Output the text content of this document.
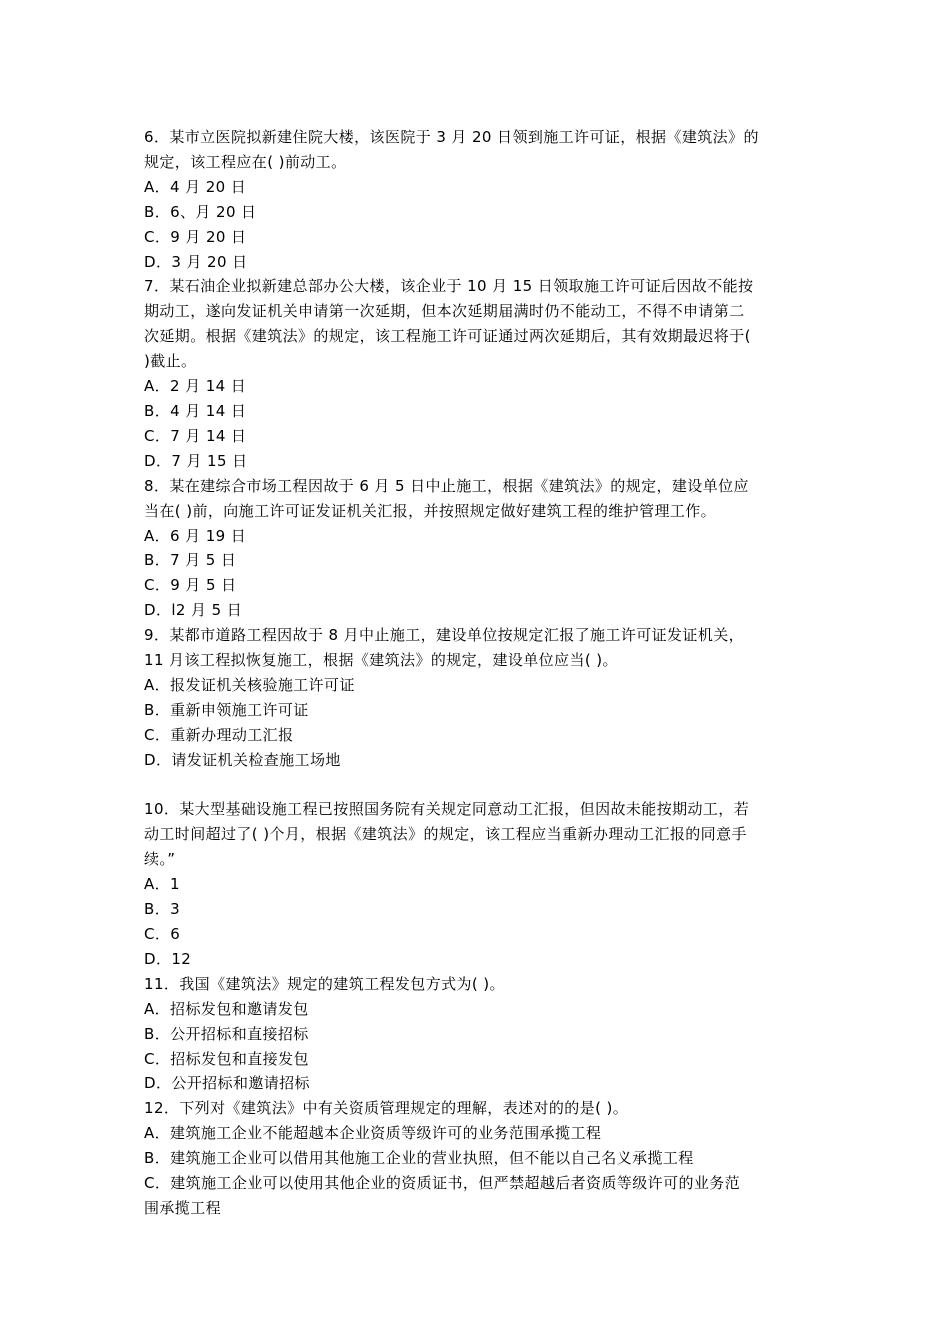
6．某市立医院拟新建住院大楼，该医院于 3 月 20 日领到施工许可证，根据《建筑法》的
规定，该工程应在( )前动工。
A．4 月 20 日
B．6、月 20 日
C．9 月 20 日
D．3 月 20 日
7．某石油企业拟新建总部办公大楼，该企业于 10 月 15 日领取施工许可证后因故不能按
期动工，遂向发证机关申请第一次延期，但本次延期届满时仍不能动工，不得不申请第二
次延期。根据《建筑法》的规定，该工程施工许可证通过两次延期后，其有效期最迟将于(
)截止。
A．2 月 14 日
B．4 月 14 日
C．7 月 14 日
D．7 月 15 日
8．某在建综合市场工程因故于 6 月 5 日中止施工，根据《建筑法》的规定，建设单位应
当在( )前，向施工许可证发证机关汇报，并按照规定做好建筑工程的维护管理工作。
A．6 月 19 日
B．7 月 5 日
C．9 月 5 日
D．l2 月 5 日
9．某都市道路工程因故于 8 月中止施工，建设单位按规定汇报了施工许可证发证机关，
11 月该工程拟恢复施工，根据《建筑法》的规定，建设单位应当( )。
A．报发证机关核验施工许可证
B．重新申领施工许可证
C．重新办理动工汇报
D．请发证机关检查施工场地
10．某大型基础设施工程已按照国务院有关规定同意动工汇报，但因故未能按期动工，若
动工时间超过了( )个月，根据《建筑法》的规定，该工程应当重新办理动工汇报的同意手
续。”
A．1
B．3
C．6
D．12
11．我国《建筑法》规定的建筑工程发包方式为( )。
A．招标发包和邀请发包
B．公开招标和直接招标
C．招标发包和直接发包
D．公开招标和邀请招标
12．下列对《建筑法》中有关资质管理规定的理解，表述对的的是( )。
A．建筑施工企业不能超越本企业资质等级许可的业务范围承揽工程
B．建筑施工企业可以借用其他施工企业的营业执照，但不能以自己名义承揽工程
C．建筑施工企业可以使用其他企业的资质证书，但严禁超越后者资质等级许可的业务范
围承揽工程
